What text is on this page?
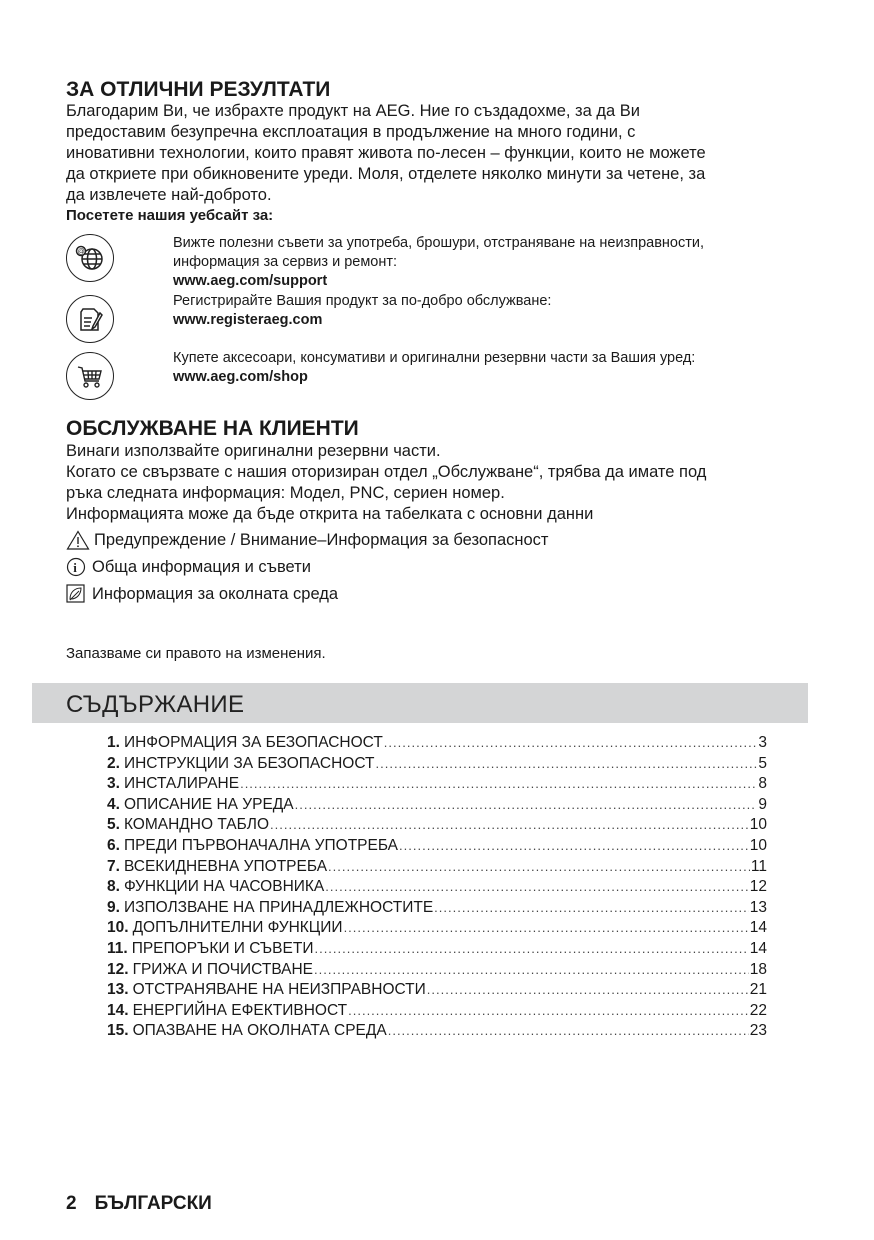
ЗА ОТЛИЧНИ РЕЗУЛТАТИ
Благодарим Ви, че избрахте продукт на AEG. Ние го създадохме, за да Ви
предоставим безупречна експлоатация в продължение на много години, с
иновативни технологии, които правят живота по-лесен – функции, които не можете
да откриете при обикновените уреди. Моля, отделете няколко минути за четене, за
да извлечете най-доброто.
Посетете нашия уебсайт за:
@
Вижте полезни съвети за употреба, брошури, отстраняване на неизправности,
информация за сервиз и ремонт:
www.aeg.com/support
Регистрирайте Вашия продукт за по-добро обслужване:
www.registeraeg.com
Купете аксесоари, консумативи и оригинални резервни части за Вашия уред:
www.aeg.com/shop
ОБСЛУЖВАНЕ НА КЛИЕНТИ
Винаги използвайте оригинални резервни части.
Когато се свързвате с нашия оторизиран отдел „Обслужване“, трябва да имате под
ръка следната информация: Модел, PNC, сериен номер.
Информацията може да бъде открита на табелката с основни данни
Предупреждение / Внимание–Информация за безопасност
i Обща информация и съвети
Информация за околната среда
Запазваме си правото на изменения.
СЪДЪРЖАНИЕ
1. ИНФОРМАЦИЯ ЗА БЕЗОПАСНОСТ .....	3
2. ИНСТРУКЦИИ ЗА БЕЗОПАСНОСТ .....	5
3. ИНСТАЛИРАНЕ .....	8
4. ОПИСАНИЕ НА УРЕДА .....	9
5. КОМАНДНО ТАБЛО .....	10
6. ПРЕДИ ПЪРВОНАЧАЛНА УПОТРЕБА .....	10
7. ВСЕКИДНЕВНА УПОТРЕБА .....	11
8. ФУНКЦИИ НА ЧАСОВНИКА .....	12
9. ИЗПОЛЗВАНЕ НА ПРИНАДЛЕЖНОСТИТЕ .....	13
10. ДОПЪЛНИТЕЛНИ ФУНКЦИИ .....	14
11. ПРЕПОРЪКИ И СЪВЕТИ .....	14
12. ГРИЖА И ПОЧИСТВАНЕ .....	18
13. ОТСТРАНЯВАНЕ НА НЕИЗПРАВНОСТИ .....	21
14. ЕНЕРГИЙНА ЕФЕКТИВНОСТ .....	22
15. ОПАЗВАНЕ НА ОКОЛНАТА СРЕДА .....	23
2 БЪЛГАРСКИ
